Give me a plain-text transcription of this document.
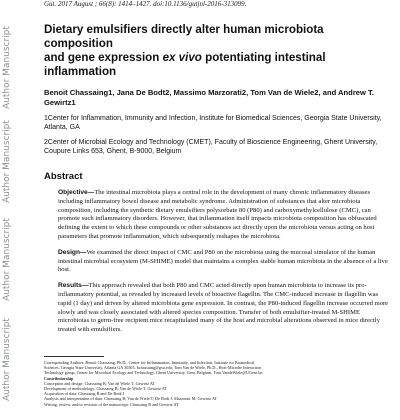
Author Manuscript
Author Manuscript
Author Manuscript
Author Manuscript
Gut. 2017 August ; 66(8): 1414–1427. doi:10.1136/gutjnl-2016-313099.
Dietary emulsifiers directly alter human microbiota composition
and gene expression ex vivo potentiating intestinal inflammation
Benoit Chassaing1, Jana De Bodt2, Massimo Marzorati2, Tom Van de Wiele2, and Andrew T.
Gewirtz1
1Center for Inflammation, Immunity and Infection, Institute for Biomedical Sciences, Georgia State University, Atlanta, GA
2Center of Microbial Ecology and Technology (CMET), Faculty of Bioscience Engineering, Ghent University, Coupure Links 653, Ghent, B-9000, Belgium
Abstract
Objective—The intestinal microbiota plays a central role in the development of many chronic inflammatory diseases including inflammatory bowel disease and metabolic syndrome. Administration of substances that alter microbiota composition, including the synthetic dietary emulsifiers polysorbate 80 (P80) and carboxymethylcellulose (CMC), can promote such inflammatory disorders. However, that inflammation itself impacts microbiota composition has obfuscated defining the extent to which these compounds or other substances act directly upon the microbiota versus acting on host parameters that promote inflammation, which subsequently reshapes the microbiota.
Design—We examined the direct impact of CMC and P80 on the microbiota using the mucosal simulator of the human intestinal microbial ecosystem (M-SHIME) model that maintains a complex stable human microbiota in the absence of a live host.
Results—This approach revealed that both P80 and CMC acted directly upon human microbiota to increase its pro-inflammatory potential, as revealed by increased levels of bioactive flagellin. The CMC-induced increase in flagellin was rapid (1 day) and driven by altered microbiota gene expression. In contrast, the P80-induced flagellin increase occurred more slowly and was closely associated with altered species composition. Transfer of both emulsifier-treated M-SHIME microbiotas to germ-free recipient mice recapitulated many of the host and microbial alterations observed in mice directly treated with emulsifiers.
Corresponding Authors: Benoit Chassaing, Ph.D., Center for Inflammation, Immunity, and Infection, Institute for Biomedical
Sciences, Georgia State University, Atlanta GA 30303. bchassaing@gsu.edu; Tom Van de Wiele, Ph.D., Host-Microbe Interaction
Technology group, Center for Microbial Ecology and Technology, Ghent University, Gent, Belgium, Tom.VandeWiele@UGent.be.
Contributorship
Conception and design: Chassaing B; Van de Wiele T; Gewirtz AT
Development of methodology: Chassaing B; Van de Wiele T; Gewirtz AT
Acquisition of data: Chassaing B and De Bodt J
Analysis and interpretation of data: Chassaing B; Van de Wiele T; De Bodt J; Marzorati M; Gewirtz AT
Writing, review, and/or revision of the manuscript: Chassaing B and Gewirtz AT
